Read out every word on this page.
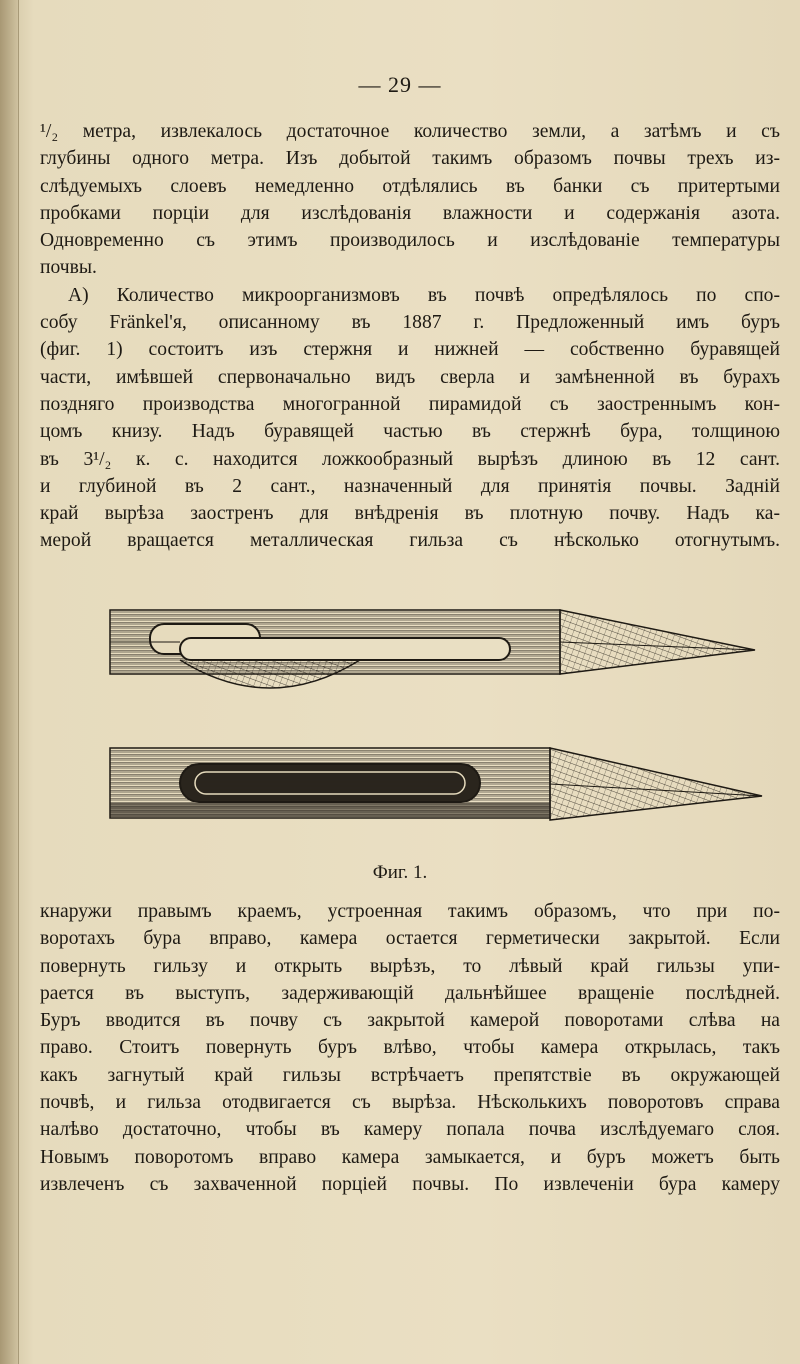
— 29 —
¹/₂ метра, извлекалось достаточное количество земли, а затѣмъ и съ
глубины одного метра. Изъ добытой такимъ образомъ почвы трехъ из-
слѣдуемыхъ слоевъ немедленно отдѣлялись въ банки съ притертыми
пробками порціи для изслѣдованія влажности и содержанія азота.
Одновременно съ этимъ производилось и изслѣдованіе температуры
почвы.
А) Количество микроорганизмовъ въ почвѣ опредѣлялось по спо-
собу Fränkel'я, описанному въ 1887 г. Предложенный имъ буръ
(фиг. 1) состоитъ изъ стержня и нижней — собственно буравящей
части, имѣвшей спервоначально видъ сверла и замѣненной въ бурахъ
поздняго производства многогранной пирамидой съ заостреннымъ кон-
цомъ книзу. Надъ буравящей частью въ стержнѣ бура, толщиною
въ 3¹/₂ к. с. находится ложкообразный вырѣзъ длиною въ 12 сант.
и глубиной въ 2 сант., назначенный для принятія почвы. Задній
край вырѣза заостренъ для внѣдренія въ плотную почву. Надъ ка-
мерой вращается металлическая гильза съ нѣсколько отогнутымъ.
Фиг. 1.
кнаружи правымъ краемъ, устроенная такимъ образомъ, что при по-
воротахъ бура вправо, камера остается герметически закрытой. Если
повернуть гильзу и открыть вырѣзъ, то лѣвый край гильзы упи-
рается въ выступъ, задерживающій дальнѣйшее вращеніе послѣдней.
Буръ вводится въ почву съ закрытой камерой поворотами слѣва на
право. Стоитъ повернуть буръ влѣво, чтобы камера открылась, такъ
какъ загнутый край гильзы встрѣчаетъ препятствіе въ окружающей
почвѣ, и гильза отодвигается съ вырѣза. Нѣсколькихъ поворотовъ справа
налѣво достаточно, чтобы въ камеру попала почва изслѣдуемаго слоя.
Новымъ поворотомъ вправо камера замыкается, и буръ можетъ быть
извлеченъ съ захваченной порціей почвы. По извлеченіи бура камеру
